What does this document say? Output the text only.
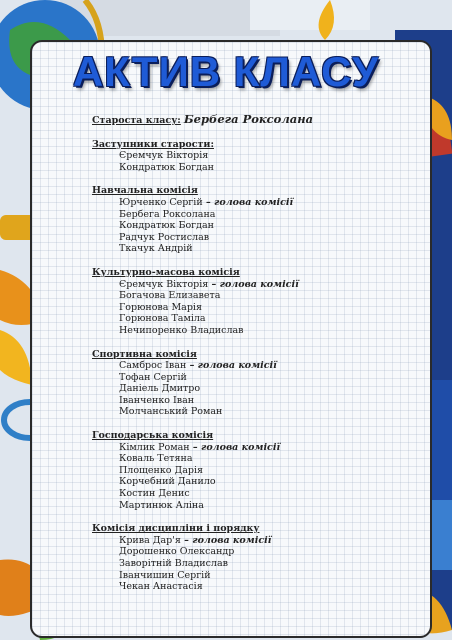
АКТИВ КЛАСУ
Староста класу: Бербега Роксолана
Заступники старости:
Єремчук Вікторія
Кондратюк Богдан
Навчальна комісія
Юрченко Сергій – голова комісії
Бербега Роксолана
Кондратюк Богдан
Радчук Ростислав
Ткачук Андрій
Культурно-масова комісія
Єремчук Вікторія – голова комісії
Богачова Елизавета
Горюнова Марія
Горюнова Таміла
Нечипоренко Владислав
Спортивна комісія
Самброс Іван – голова комісії
Тофан Сергій
Данiель Дмитро
Іванченко Іван
Молчанський Роман
Господарська комісія
Кімлик Роман – голова комісії
Коваль Тетяна
Площенко Дарія
Корчебний Данило
Костин Денис
Мартинюк Аліна
Комісія дисципліни і порядку
Крива Дар'я – голова комісії
Дорошенко Олександр
Заворітній Владислав
Іванчишин Сергій
Чекан Анастасія
